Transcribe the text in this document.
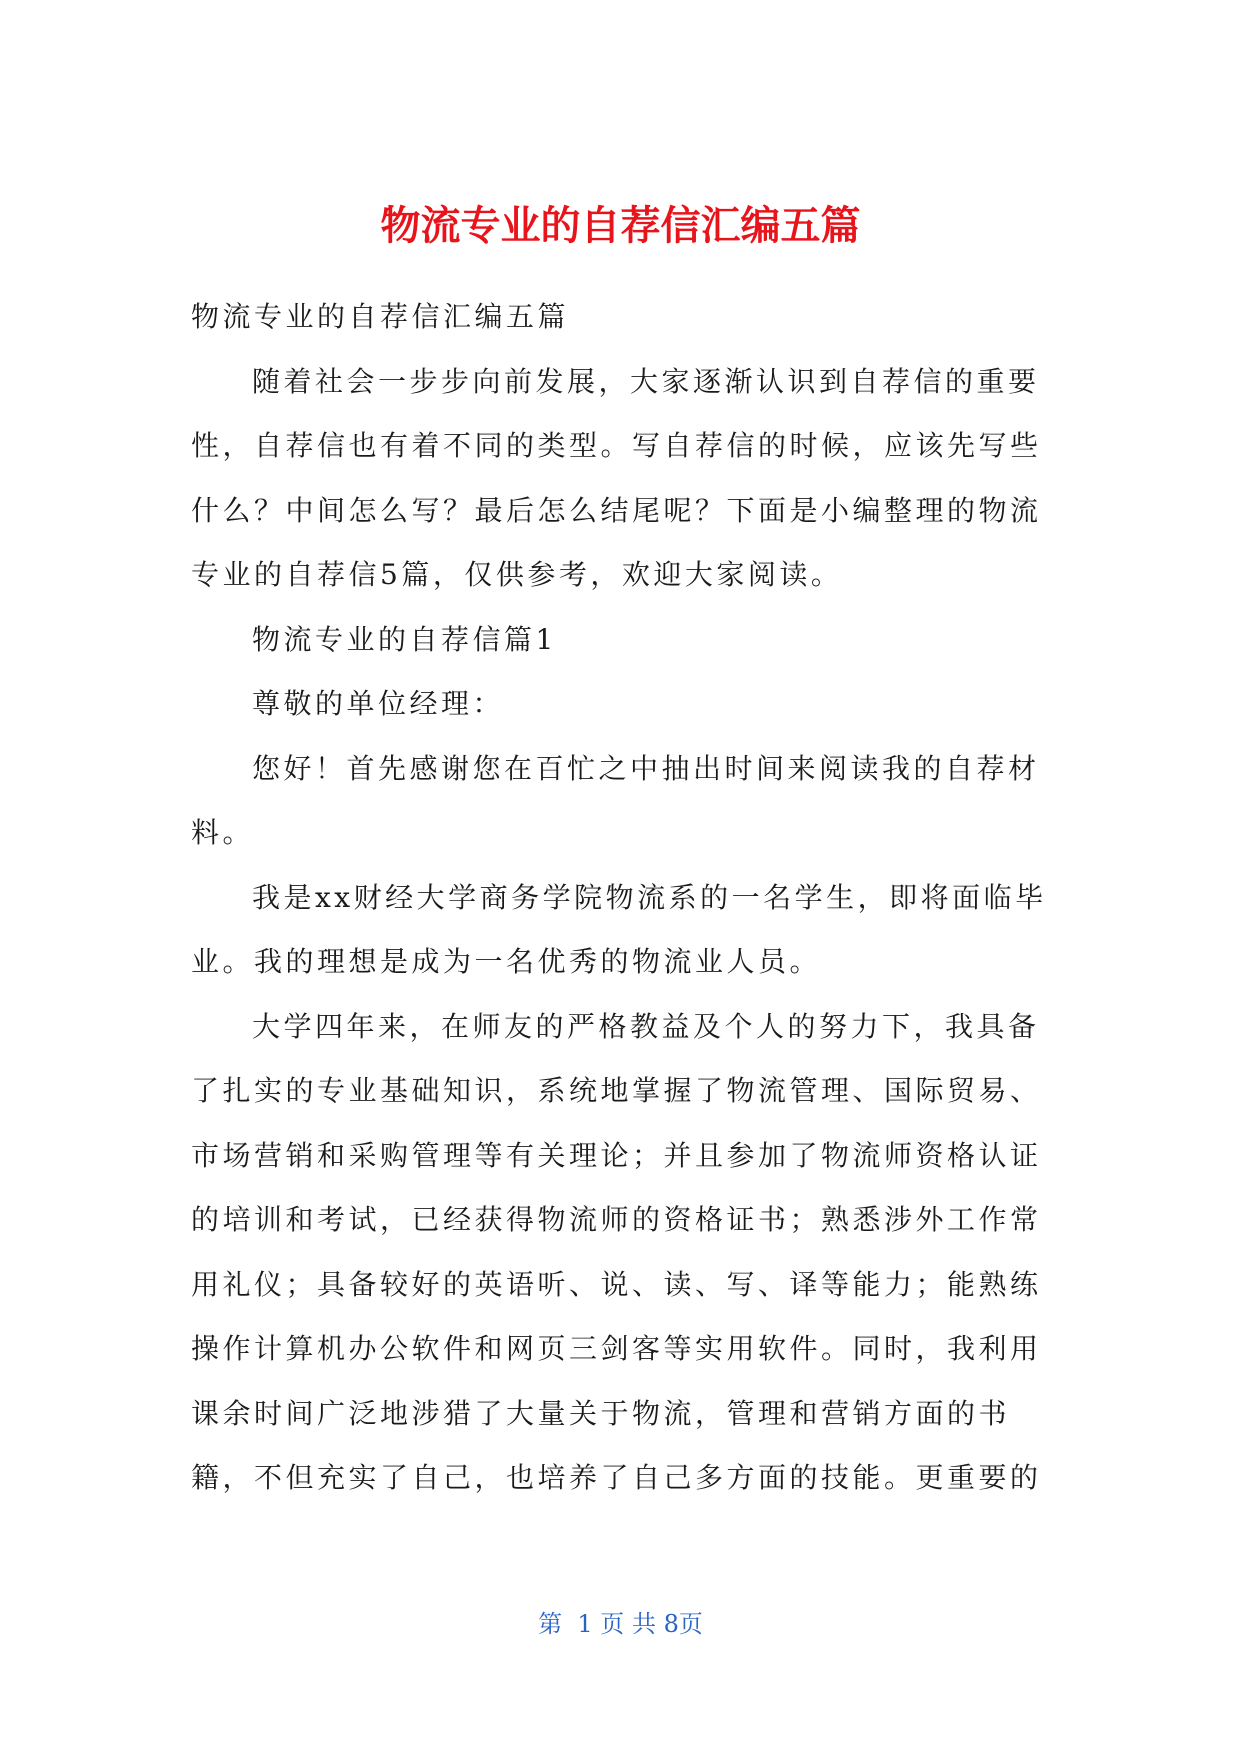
物流专业的自荐信汇编五篇
物流专业的自荐信汇编五篇
随着社会一步步向前发展，大家逐渐认识到自荐信的重要
性，自荐信也有着不同的类型。写自荐信的时候，应该先写些
什么？中间怎么写？最后怎么结尾呢？下面是小编整理的物流
专业的自荐信5篇，仅供参考，欢迎大家阅读。
物流专业的自荐信篇1
尊敬的单位经理：
您好！首先感谢您在百忙之中抽出时间来阅读我的自荐材
料。
我是xx财经大学商务学院物流系的一名学生，即将面临毕
业。我的理想是成为一名优秀的物流业人员。
大学四年来，在师友的严格教益及个人的努力下，我具备
了扎实的专业基础知识，系统地掌握了物流管理、国际贸易、
市场营销和采购管理等有关理论；并且参加了物流师资格认证
的培训和考试，已经获得物流师的资格证书；熟悉涉外工作常
用礼仪；具备较好的英语听、说、读、写、译等能力；能熟练
操作计算机办公软件和网页三剑客等实用软件。同时，我利用
课余时间广泛地涉猎了大量关于物流，管理和营销方面的书
籍，不但充实了自己，也培养了自己多方面的技能。更重要的
第  1 页 共 8页
